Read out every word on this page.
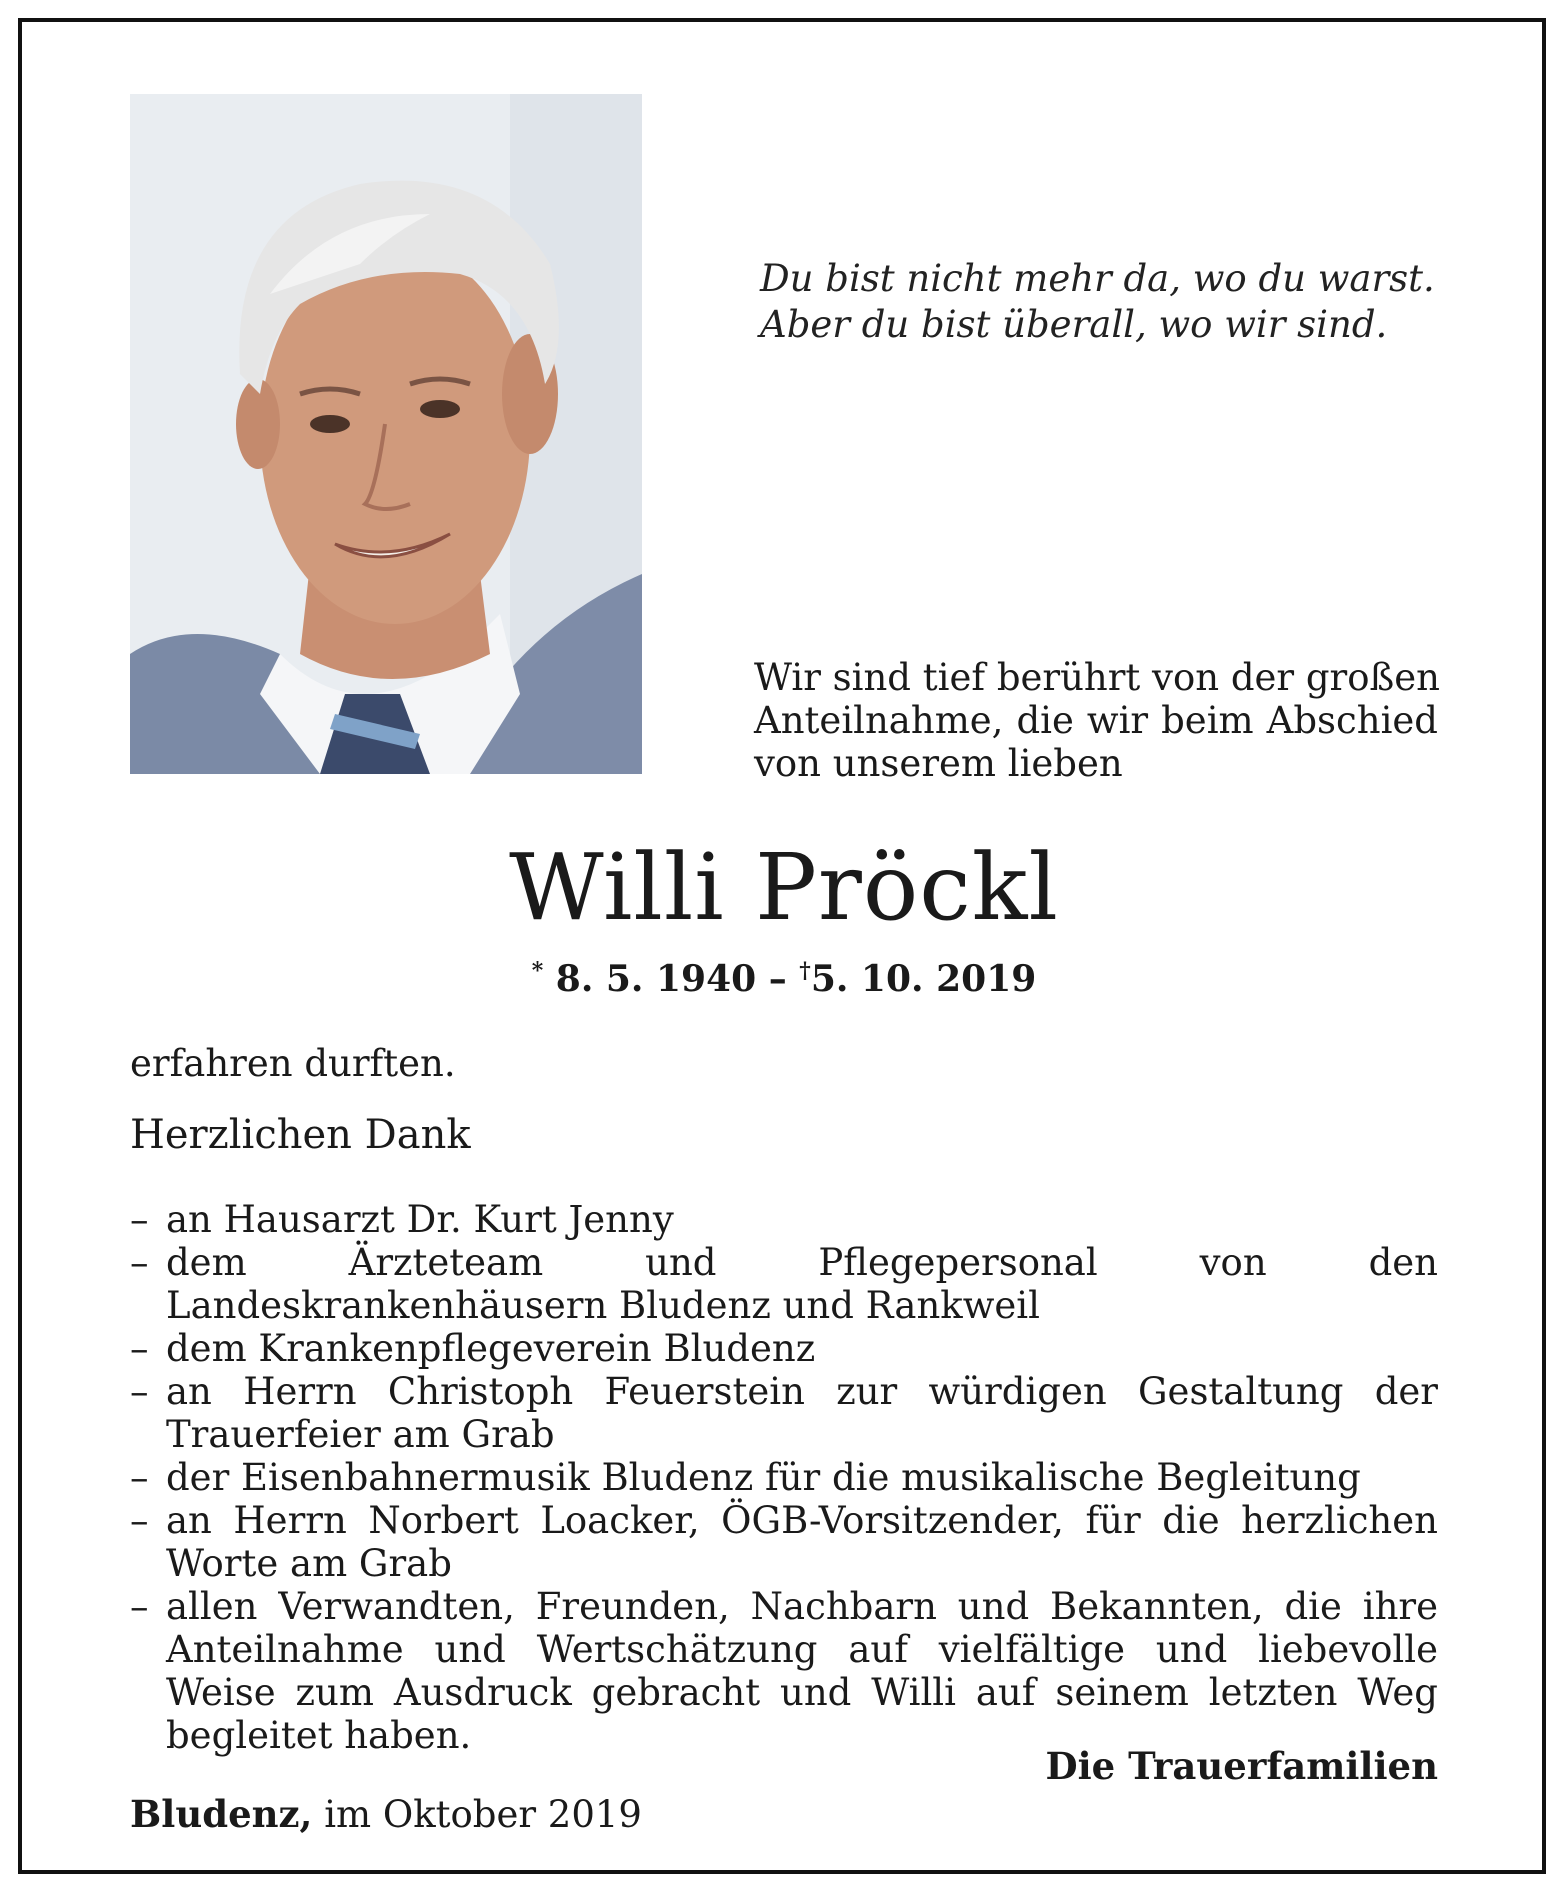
Du bist nicht mehr da, wo du warst.
Aber du bist überall, wo wir sind.
Wir sind tief berührt von der großen
Anteilnahme, die wir beim Abschied
von unserem lieben
Willi Pröckl
* 8. 5. 1940 – †5. 10. 2019
erfahren durften.
Herzlichen Dank
– an Hausarzt Dr. Kurt Jenny
– dem Ärzteteam und Pflegepersonal von den Landeskrankenhäusern Bludenz und Rankweil
– dem Krankenpflegeverein Bludenz
– an Herrn Christoph Feuerstein zur würdigen Gestaltung der Trauerfeier am Grab
– der Eisenbahnermusik Bludenz für die musikalische Begleitung
– an Herrn Norbert Loacker, ÖGB-Vorsitzender, für die herzlichen Worte am Grab
– allen Verwandten, Freunden, Nachbarn und Bekannten, die ihre Anteilnahme und Wertschätzung auf vielfältige und liebevolle Weise zum Ausdruck gebracht und Willi auf seinem letzten Weg begleitet haben.
Die Trauerfamilien
Bludenz, im Oktober 2019
